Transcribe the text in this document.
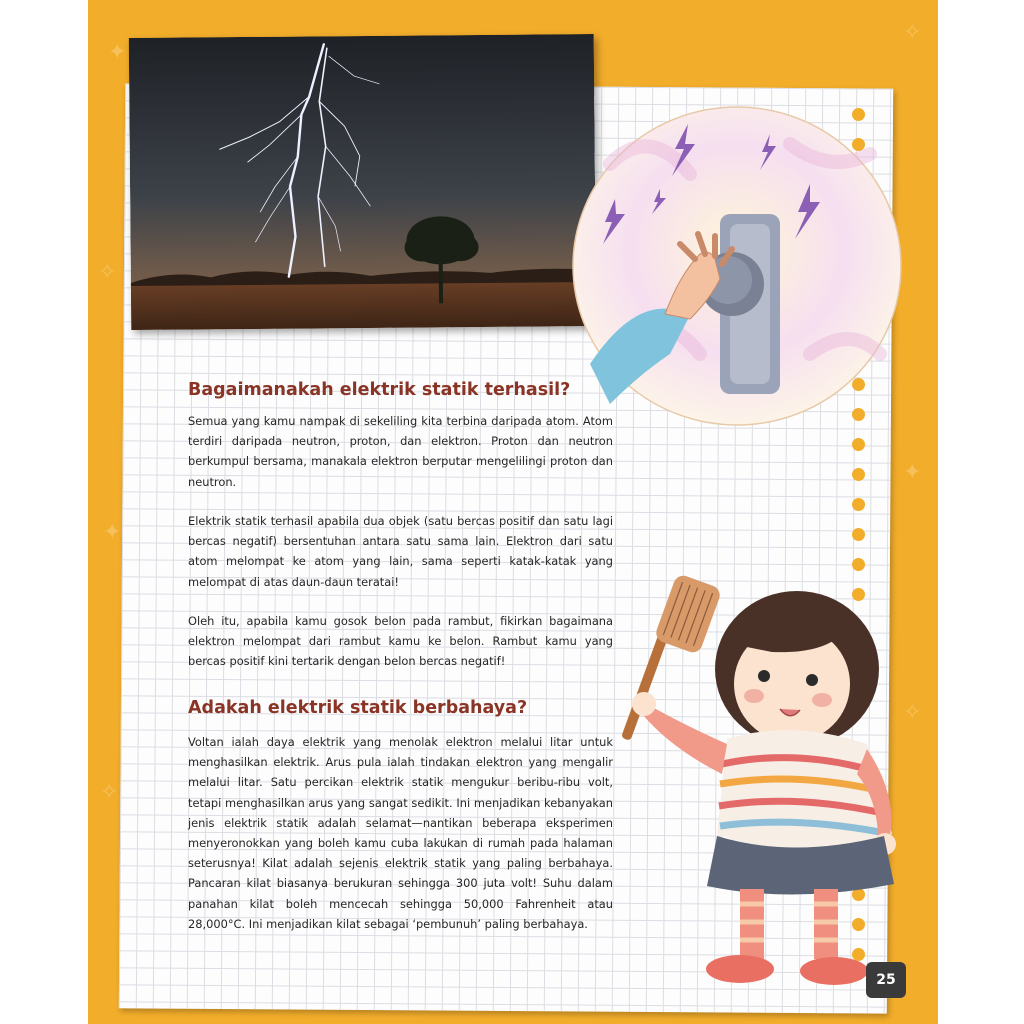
✦
✧
✦
✧
✧
✦
✧
Bagaimanakah elektrik statik terhasil?

Semua yang kamu nampak di sekeliling kita terbina daripada atom. Atom terdiri daripada neutron, proton, dan elektron. Proton dan neutron berkumpul bersama, manakala elektron berputar mengelilingi proton dan neutron.

Elektrik statik terhasil apabila dua objek (satu bercas positif dan satu lagi bercas negatif) bersentuhan antara satu sama lain. Elektron dari satu atom melompat ke atom yang lain, sama seperti katak-katak yang melompat di atas daun-daun teratai!

Oleh itu, apabila kamu gosok belon pada rambut, fikirkan bagaimana elektron melompat dari rambut kamu ke belon. Rambut kamu yang bercas positif kini tertarik dengan belon bercas negatif!

Adakah elektrik statik berbahaya?

Voltan ialah daya elektrik yang menolak elektron melalui litar untuk menghasilkan elektrik. Arus pula ialah tindakan elektron yang mengalir melalui litar. Satu percikan elektrik statik mengukur beribu-ribu volt, tetapi menghasilkan arus yang sangat sedikit. Ini menjadikan kebanyakan jenis elektrik statik adalah selamat—nantikan beberapa eksperimen menyeronokkan yang boleh kamu cuba lakukan di rumah pada halaman seterusnya! Kilat adalah sejenis elektrik statik yang paling berbahaya. Pancaran kilat biasanya berukuran sehingga 300 juta volt! Suhu dalam panahan kilat boleh mencecah sehingga 50,000 Fahrenheit atau 28,000°C. Ini menjadikan kilat sebagai ‘pembunuh’ paling berbahaya.

25
